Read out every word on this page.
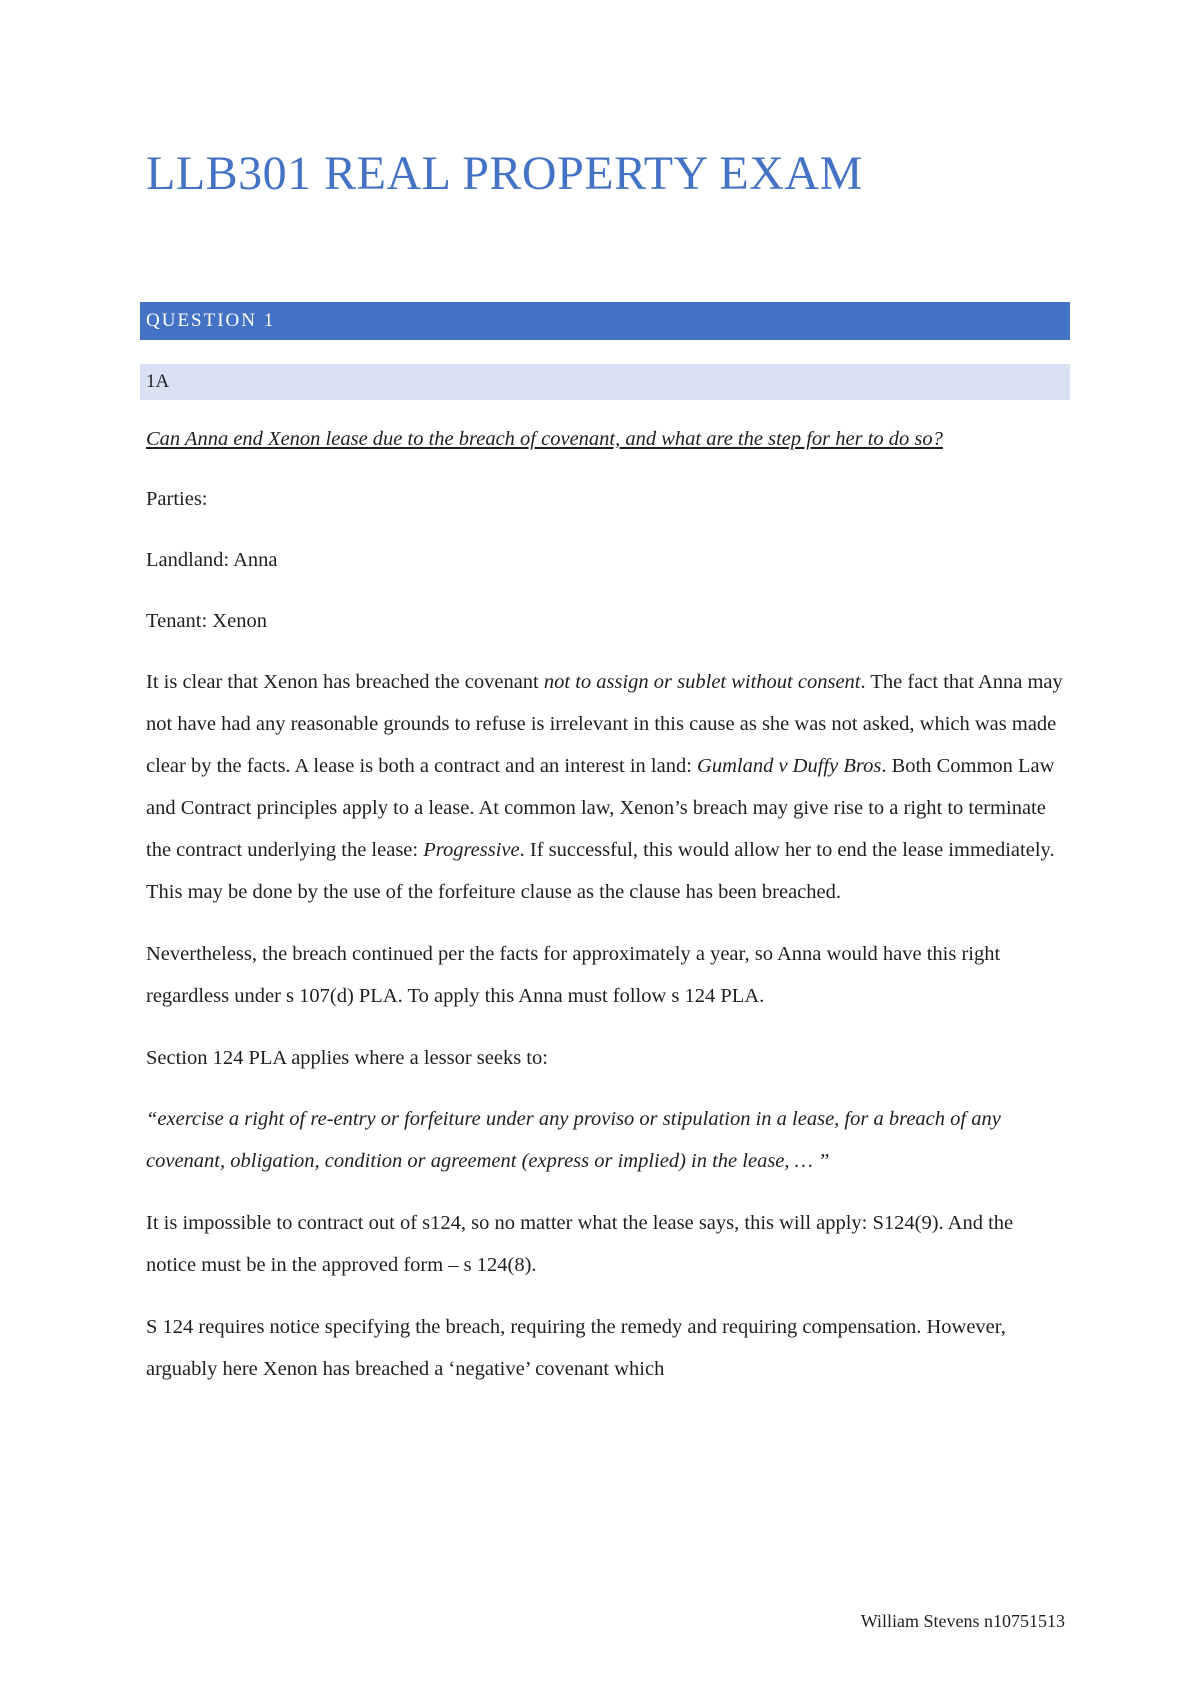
LLB301 REAL PROPERTY EXAM
QUESTION 1
1A

Can Anna end Xenon lease due to the breach of covenant, and what are the step for her to do so?

Parties:

Landland: Anna

Tenant: Xenon

It is clear that Xenon has breached the covenant not to assign or sublet without consent. The fact that Anna may not have had any reasonable grounds to refuse is irrelevant in this cause as she was not asked, which was made clear by the facts. A lease is both a contract and an interest in land: Gumland v Duffy Bros. Both Common Law and Contract principles apply to a lease. At common law, Xenon’s breach may give rise to a right to terminate the contract underlying the lease: Progressive. If successful, this would allow her to end the lease immediately. This may be done by the use of the forfeiture clause as the clause has been breached.

Nevertheless, the breach continued per the facts for approximately a year, so Anna would have this right regardless under s 107(d) PLA. To apply this Anna must follow s 124 PLA.

Section 124 PLA applies where a lessor seeks to:

“exercise a right of re-entry or forfeiture under any proviso or stipulation in a lease, for a breach of any covenant, obligation, condition or agreement (express or implied) in the lease, … ”

It is impossible to contract out of s124, so no matter what the lease says, this will apply: S124(9). And the notice must be in the approved form – s 124(8).

S 124 requires notice specifying the breach, requiring the remedy and requiring compensation. However, arguably here Xenon has breached a ‘negative’ covenant which

William Stevens n10751513
